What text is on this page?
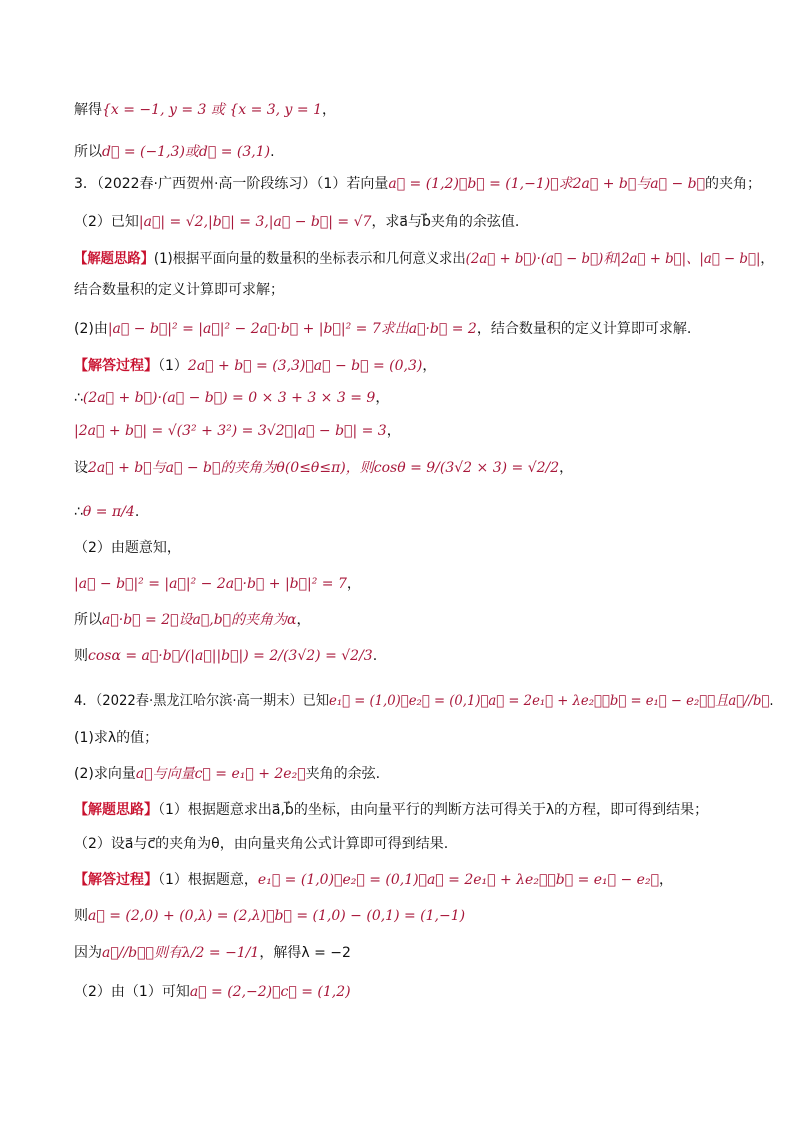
解得{x = −1, y = 3 或 {x = 3, y = 1，
所以d⃗ = (−1,3)或d⃗ = (3,1).
3．（2022春·广西贺州·高一阶段练习）（1）若向量a⃗ = (1,2)，b⃗ = (1,−1)，求2a⃗ + b⃗与a⃗ − b⃗的夹角；
（2）已知|a⃗| = √2,|b⃗| = 3,|a⃗ − b⃗| = √7，求a⃗与b⃗夹角的余弦值.
【解题思路】(1)根据平面向量的数量积的坐标表示和几何意义求出(2a⃗ + b⃗)·(a⃗ − b⃗)和|2a⃗ + b⃗|、|a⃗ − b⃗|，
结合数量积的定义计算即可求解；
(2)由|a⃗ − b⃗|² = |a⃗|² − 2a⃗·b⃗ + |b⃗|² = 7求出a⃗·b⃗ = 2，结合数量积的定义计算即可求解.
【解答过程】（1）2a⃗ + b⃗ = (3,3)，a⃗ − b⃗ = (0,3)，
∴(2a⃗ + b⃗)·(a⃗ − b⃗) = 0 × 3 + 3 × 3 = 9，
|2a⃗ + b⃗| = √(3² + 3²) = 3√2，|a⃗ − b⃗| = 3，
设2a⃗ + b⃗与a⃗ − b⃗的夹角为θ(0≤θ≤π)，则cosθ = 9/(3√2 × 3) = √2/2，
∴θ = π/4.
（2）由题意知，
|a⃗ − b⃗|² = |a⃗|² − 2a⃗·b⃗ + |b⃗|² = 7，
所以a⃗·b⃗ = 2，设a⃗,b⃗的夹角为α，
则cosα = a⃗·b⃗/(|a⃗||b⃗|) = 2/(3√2) = √2/3.
4．（2022春·黑龙江哈尔滨·高一期末）已知e₁⃗ = (1,0)，e₂⃗ = (0,1)，a⃗ = 2e₁⃗ + λe₂⃗，b⃗ = e₁⃗ − e₂⃗，且a⃗//b⃗.
(1)求λ的值；
(2)求向量a⃗与向量c⃗ = e₁⃗ + 2e₂⃗夹角的余弦.
【解题思路】（1）根据题意求出a⃗,b⃗的坐标，由向量平行的判断方法可得关于λ的方程，即可得到结果；
（2）设a⃗与c⃗的夹角为θ，由向量夹角公式计算即可得到结果.
【解答过程】（1）根据题意，e₁⃗ = (1,0)，e₂⃗ = (0,1)，a⃗ = 2e₁⃗ + λe₂⃗，b⃗ = e₁⃗ − e₂⃗，
则a⃗ = (2,0) + (0,λ) = (2,λ)，b⃗ = (1,0) − (0,1) = (1,−1)
因为a⃗//b⃗，则有λ/2 = −1/1，解得λ = −2
（2）由（1）可知a⃗ = (2,−2)，c⃗ = (1,2)
